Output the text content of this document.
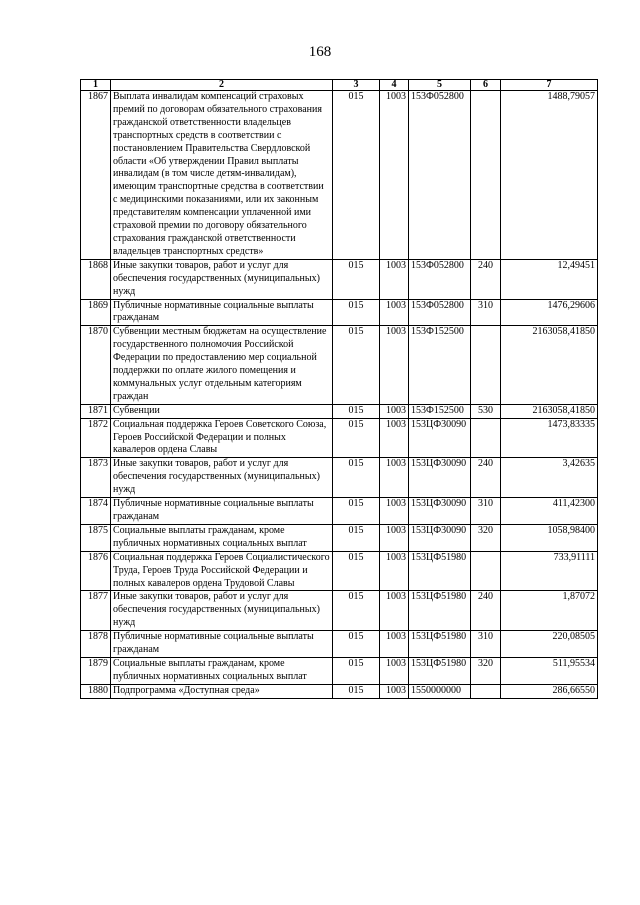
168
1	2	3	4	5	6	7
1867	Выплата инвалидам компенсаций страховых премий по договорам обязательного страхования гражданской ответственности владельцев транспортных средств в соответствии с постановлением Правительства Свердловской области «Об утверждении Правил выплаты инвалидам (в том числе детям-инвалидам), имеющим транспортные средства в соответствии с медицинскими показаниями, или их законным представителям компенсации уплаченной ими страховой премии по договору обязательного страхования гражданской ответственности владельцев транспортных средств»	015	1003	153Ф052800		1488,79057
1868	Иные закупки товаров, работ и услуг для обеспечения государственных (муниципальных) нужд	015	1003	153Ф052800	240	12,49451
1869	Публичные нормативные социальные выплаты гражданам	015	1003	153Ф052800	310	1476,29606
1870	Субвенции местным бюджетам на осуществление государственного полномочия Российской Федерации по предоставлению мер социальной поддержки по оплате жилого помещения и коммунальных услуг отдельным категориям граждан	015	1003	153Ф152500		2163058,41850
1871	Субвенции	015	1003	153Ф152500	530	2163058,41850
1872	Социальная поддержка Героев Советского Союза, Героев Российской Федерации и полных кавалеров ордена Славы	015	1003	153ЦФ30090		1473,83335
1873	Иные закупки товаров, работ и услуг для обеспечения государственных (муниципальных) нужд	015	1003	153ЦФ30090	240	3,42635
1874	Публичные нормативные социальные выплаты гражданам	015	1003	153ЦФ30090	310	411,42300
1875	Социальные выплаты гражданам, кроме публичных нормативных социальных выплат	015	1003	153ЦФ30090	320	1058,98400
1876	Социальная поддержка Героев Социалистического Труда, Героев Труда Российской Федерации и полных кавалеров ордена Трудовой Славы	015	1003	153ЦФ51980		733,91111
1877	Иные закупки товаров, работ и услуг для обеспечения государственных (муниципальных) нужд	015	1003	153ЦФ51980	240	1,87072
1878	Публичные нормативные социальные выплаты гражданам	015	1003	153ЦФ51980	310	220,08505
1879	Социальные выплаты гражданам, кроме публичных нормативных социальных выплат	015	1003	153ЦФ51980	320	511,95534
1880	Подпрограмма «Доступная среда»	015	1003	1550000000		286,66550
